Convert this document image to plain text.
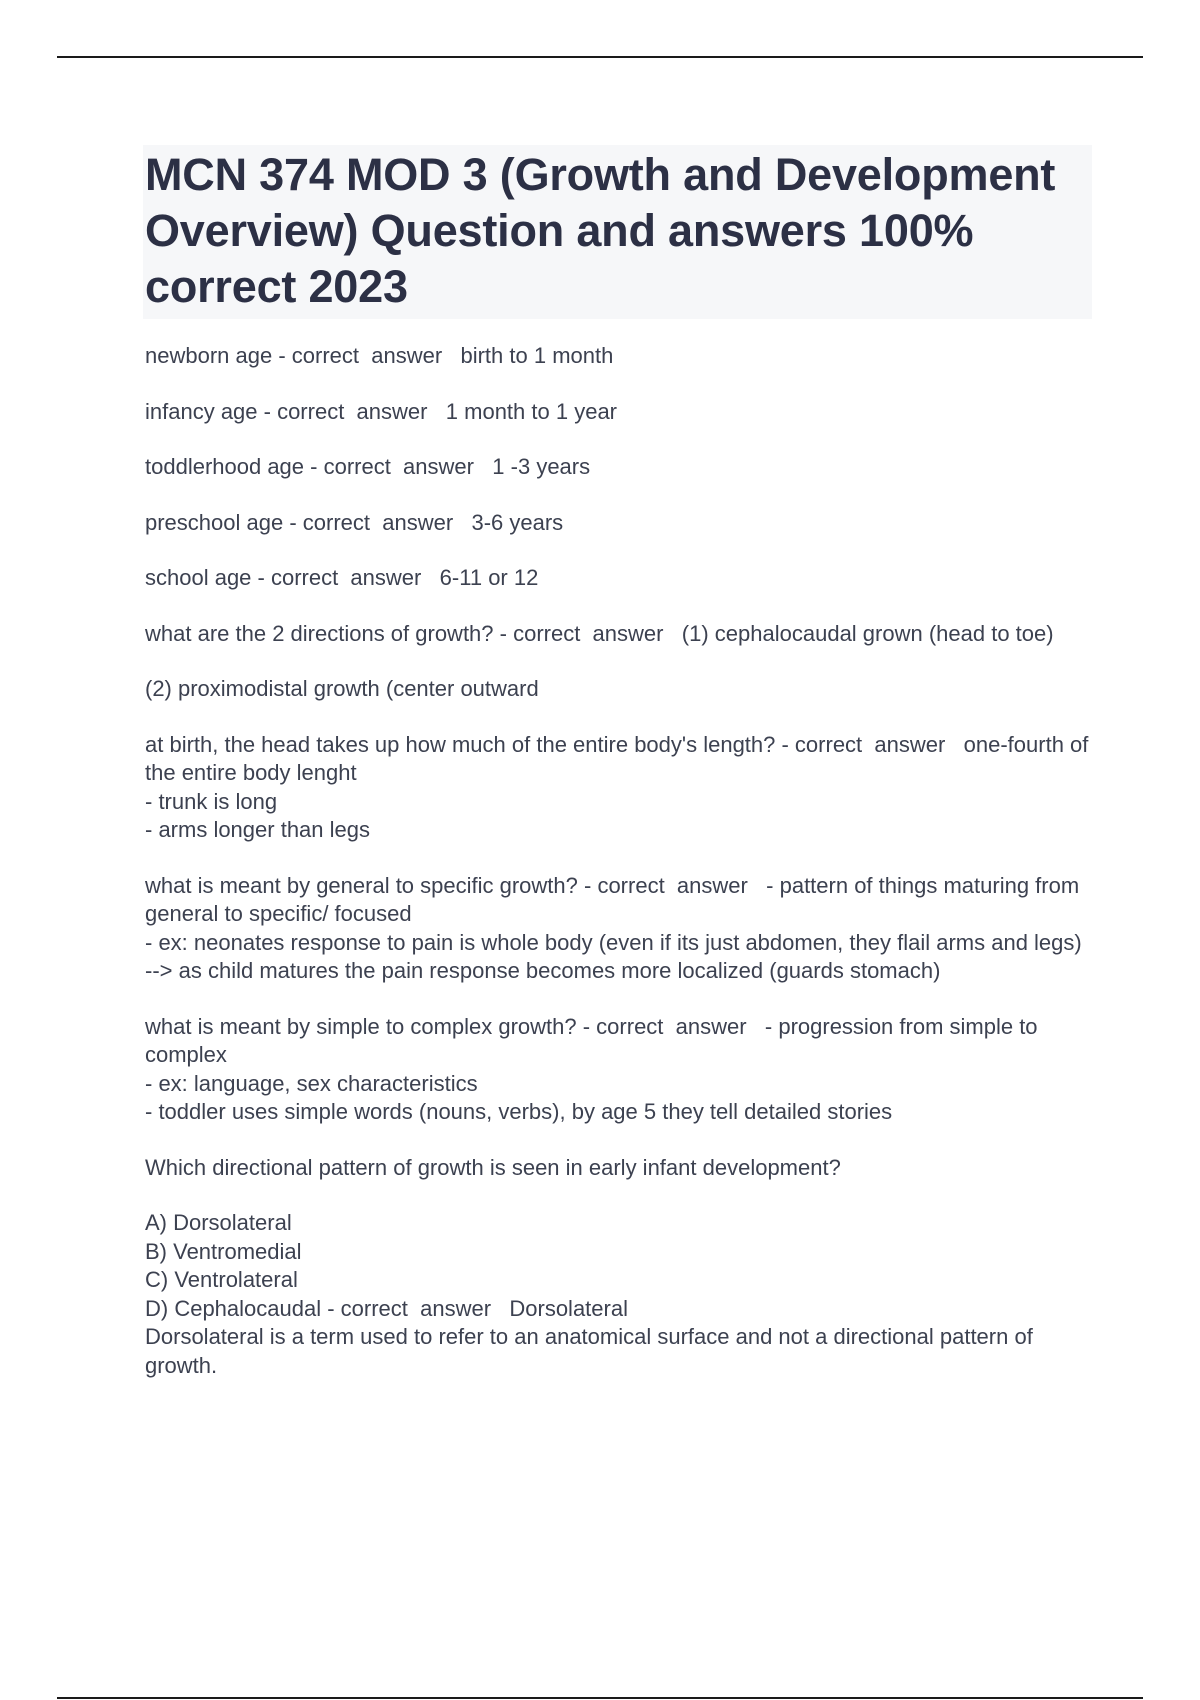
MCN 374 MOD 3 (Growth and Development Overview) Question and answers 100% correct 2023

newborn age - correct  answer   birth to 1 month

infancy age - correct  answer   1 month to 1 year

toddlerhood age - correct  answer   1 -3 years

preschool age - correct  answer   3-6 years

school age - correct  answer   6-11 or 12

what are the 2 directions of growth? - correct  answer   (1) cephalocaudal grown (head to toe)

(2) proximodistal growth (center outward

at birth, the head takes up how much of the entire body's length? - correct  answer   one-fourth of the entire body lenght
- trunk is long
- arms longer than legs

what is meant by general to specific growth? - correct  answer   - pattern of things maturing from general to specific/ focused
- ex: neonates response to pain is whole body (even if its just abdomen, they flail arms and legs) --> as child matures the pain response becomes more localized (guards stomach)

what is meant by simple to complex growth? - correct  answer   - progression from simple to complex
- ex: language, sex characteristics
- toddler uses simple words (nouns, verbs), by age 5 they tell detailed stories

Which directional pattern of growth is seen in early infant development?

A) Dorsolateral
B) Ventromedial
C) Ventrolateral
D) Cephalocaudal - correct  answer   Dorsolateral
Dorsolateral is a term used to refer to an anatomical surface and not a directional pattern of growth.
